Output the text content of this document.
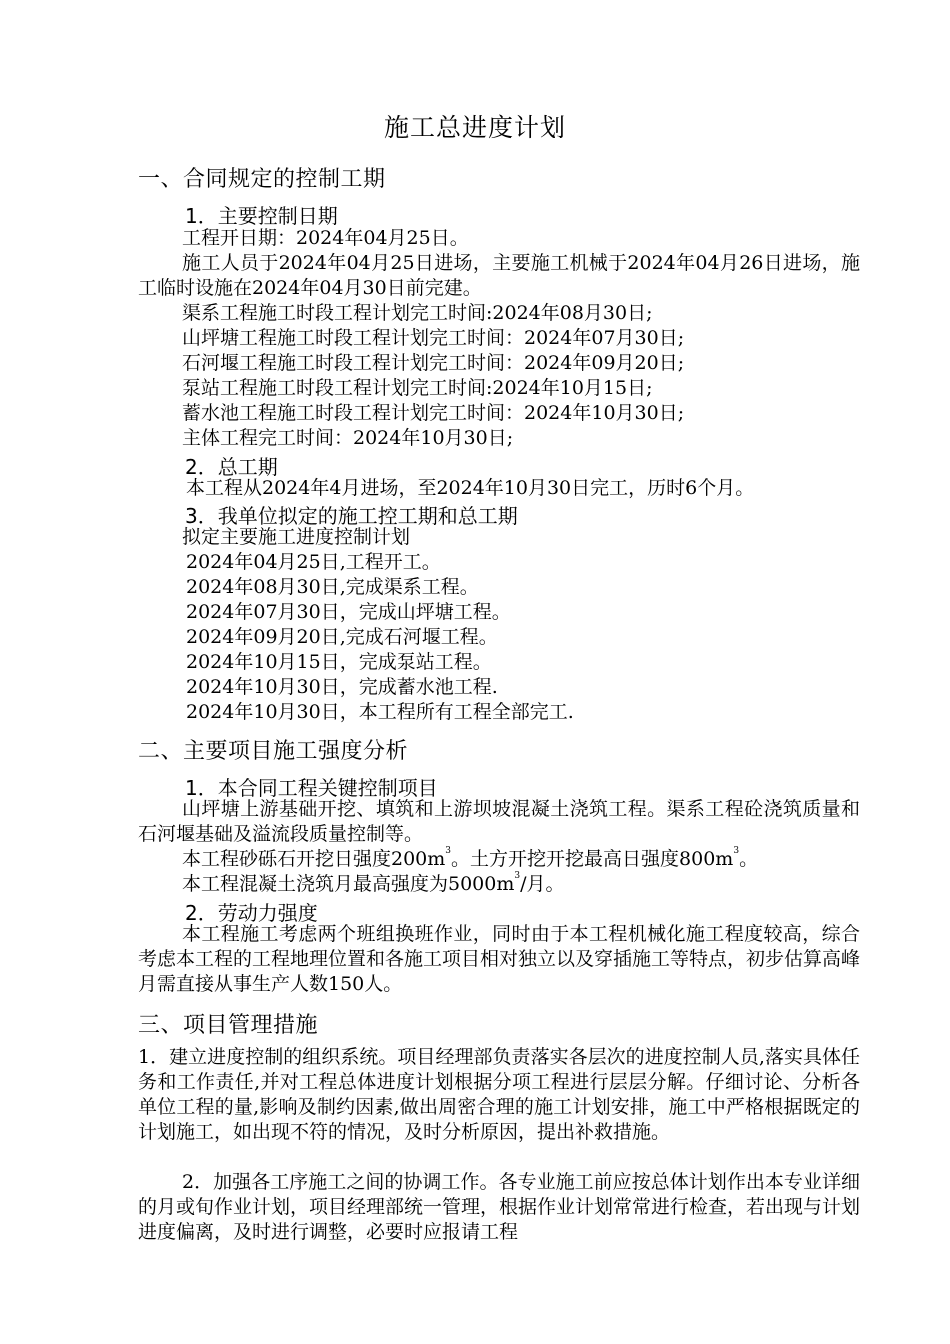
施工总进度计划
一、合同规定的控制工期
1．主要控制日期
工程开日期：2024年04月25日。
施工人员于2024年04月25日进场，主要施工机械于2024年04月26日进场，施工临时设施在2024年04月30日前完建。
渠系工程施工时段工程计划完工时间:2024年08月30日;
山坪塘工程施工时段工程计划完工时间：2024年07月30日;
石河堰工程施工时段工程计划完工时间：2024年09月20日;
泵站工程施工时段工程计划完工时间:2024年10月15日;
蓄水池工程施工时段工程计划完工时间：2024年10月30日;
主体工程完工时间：2024年10月30日;
2．总工期
本工程从2024年4月进场，至2024年10月30日完工，历时6个月。
3．我单位拟定的施工控工期和总工期
拟定主要施工进度控制计划
2024年04月25日,工程开工。
2024年08月30日,完成渠系工程。
2024年07月30日，完成山坪塘工程。
2024年09月20日,完成石河堰工程。
2024年10月15日，完成泵站工程。
2024年10月30日，完成蓄水池工程.
2024年10月30日，本工程所有工程全部完工.
二、主要项目施工强度分析
1．本合同工程关键控制项目
山坪塘上游基础开挖、填筑和上游坝坡混凝土浇筑工程。渠系工程砼浇筑质量和石河堰基础及溢流段质量控制等。
本工程砂砾石开挖日强度$200m^3$。土方开挖开挖最高日强度$800m^3$。
本工程混凝土浇筑月最高强度为$5000m^3/$月。
2．劳动力强度
本工程施工考虑两个班组换班作业，同时由于本工程机械化施工程度较高，综合考虑本工程的工程地理位置和各施工项目相对独立以及穿插施工等特点，初步估算高峰月需直接从事生产人数150人。
三、项目管理措施
1．建立进度控制的组织系统。项目经理部负责落实各层次的进度控制人员,落实具体任务和工作责任,并对工程总体进度计划根据分项工程进行层层分解。仔细讨论、分析各单位工程的量,影响及制约因素,做出周密合理的施工计划安排，施工中严格根据既定的计划施工，如出现不符的情况，及时分析原因，提出补救措施。
2．加强各工序施工之间的协调工作。各专业施工前应按总体计划作出本专业详细的月或旬作业计划，项目经理部统一管理，根据作业计划常常进行检查，若出现与计划进度偏离，及时进行调整，必要时应报请工程
